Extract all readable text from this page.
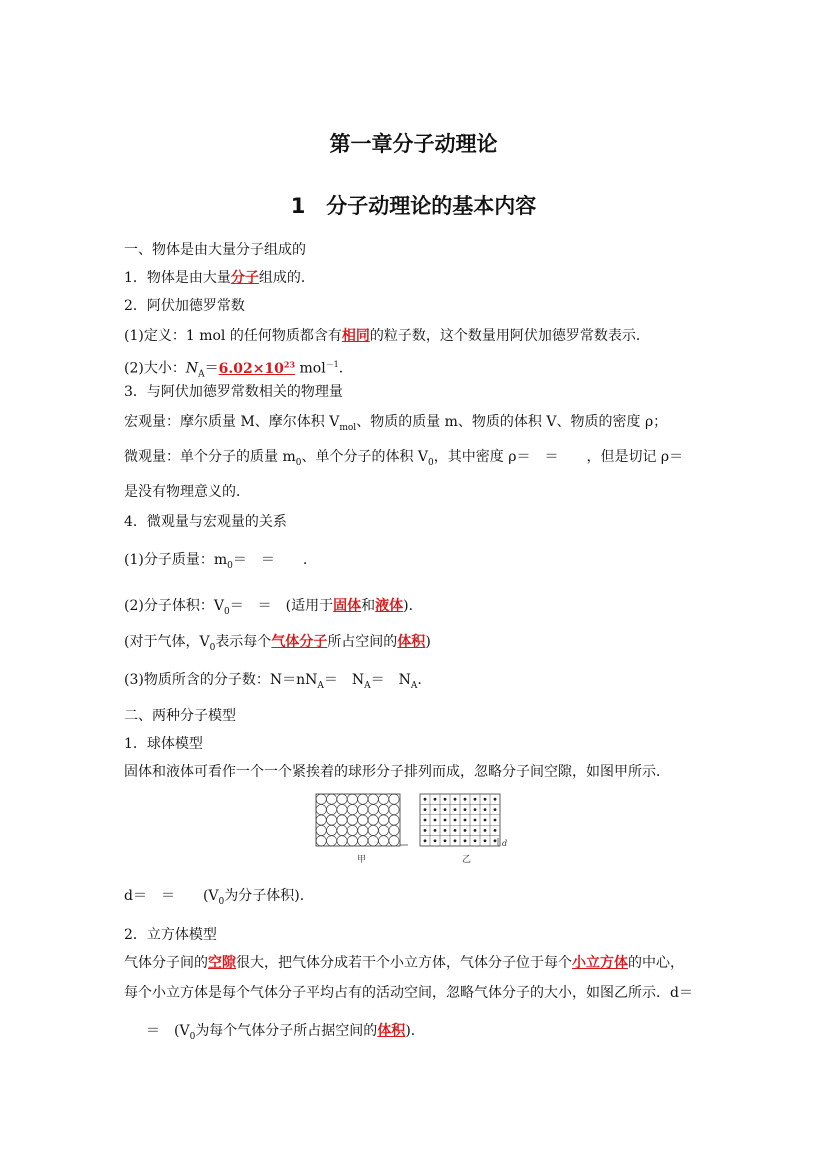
第一章分子动理论
1　分子动理论的基本内容
一、物体是由大量分子组成的
1．物体是由大量分子组成的．
2．阿伏加德罗常数
(1)定义：1 mol 的任何物质都含有相同的粒子数，这个数量用阿伏加德罗常数表示．
(2)大小：$N_A=6.02\times 10^{23}$ mol$^{-1}$.
3．与阿伏加德罗常数相关的物理量
宏观量：摩尔质量 M、摩尔体积 $V_{mol}$、物质的质量 m、物质的体积 V、物质的密度 ρ；
微观量：单个分子的质量 $m_0$、单个分子的体积 $V_0$，其中密度 ρ＝　＝　　，但是切记 ρ＝
是没有物理意义的．
4．微观量与宏观量的关系
(1)分子质量：$m_0=$　＝　　.
(2)分子体积：$V_0=$　＝　(适用于固体和液体)．
(对于气体，$V_0$表示每个气体分子所占空间的体积)
(3)物质所含的分子数：$N=nN_A=$　$N_A=$　$N_A$.
二、两种分子模型
1．球体模型
固体和液体可看作一个一个紧挨着的球形分子排列而成，忽略分子间空隙，如图甲所示．
甲	乙
d
d＝　＝　　($V_0$为分子体积)．
2．立方体模型
气体分子间的空隙很大，把气体分成若干个小立方体，气体分子位于每个小立方体的中心，
每个小立方体是每个气体分子平均占有的活动空间，忽略气体分子的大小，如图乙所示．d＝
＝　($V_0$为每个气体分子所占据空间的体积)．
